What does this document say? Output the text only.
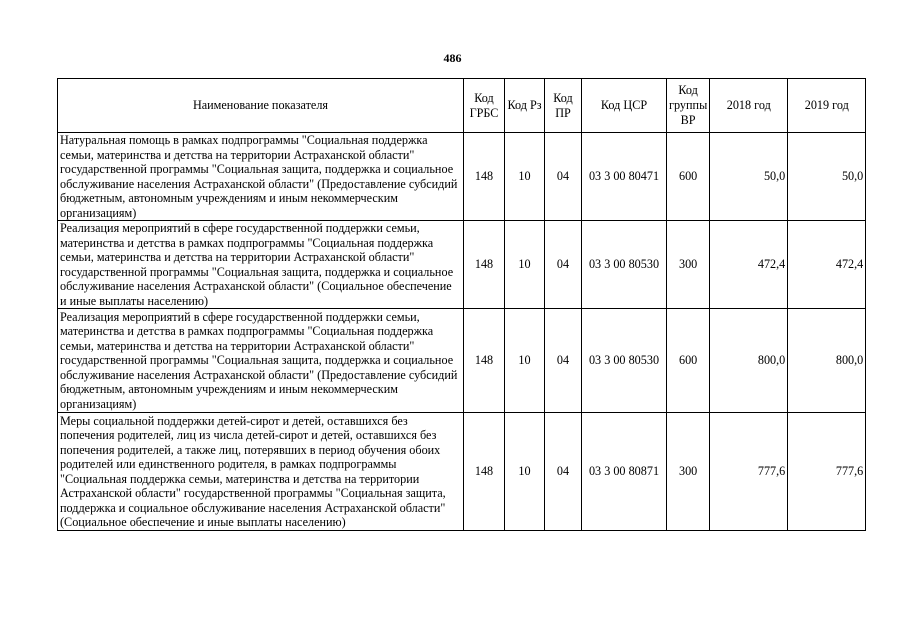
486
Наименование показателя	Код ГРБС	Код Рз	Код ПР	Код ЦСР	Код группы ВР	2018 год	2019 год
Натуральная помощь в рамках подпрограммы "Социальная поддержка семьи, материнства и детства на территории Астраханской области" государственной программы "Социальная защита, поддержка и социальное обслуживание населения Астраханской области" (Предоставление субсидий бюджетным, автономным учреждениям и иным некоммерческим организациям)	148	10	04	03 3 00 80471	600	50,0	50,0
Реализация мероприятий в сфере государственной поддержки семьи, материнства и детства в рамках подпрограммы "Социальная поддержка семьи, материнства и детства на территории Астраханской области" государственной программы "Социальная защита, поддержка и социальное обслуживание населения Астраханской области" (Социальное обеспечение и иные выплаты населению)	148	10	04	03 3 00 80530	300	472,4	472,4
Реализация мероприятий в сфере государственной поддержки семьи, материнства и детства в рамках подпрограммы "Социальная поддержка семьи, материнства и детства на территории Астраханской области" государственной программы "Социальная защита, поддержка и социальное обслуживание населения Астраханской области" (Предоставление субсидий бюджетным, автономным учреждениям и иным некоммерческим организациям)	148	10	04	03 3 00 80530	600	800,0	800,0
Меры социальной поддержки детей-сирот и детей, оставшихся без попечения родителей, лиц из числа детей-сирот и детей, оставшихся без попечения родителей, а также лиц, потерявших в период обучения обоих родителей или единственного родителя, в рамках подпрограммы "Социальная поддержка семьи, материнства и детства на территории Астраханской области" государственной программы "Социальная защита, поддержка и социальное обслуживание населения Астраханской области" (Социальное обеспечение и иные выплаты населению)	148	10	04	03 3 00 80871	300	777,6	777,6
